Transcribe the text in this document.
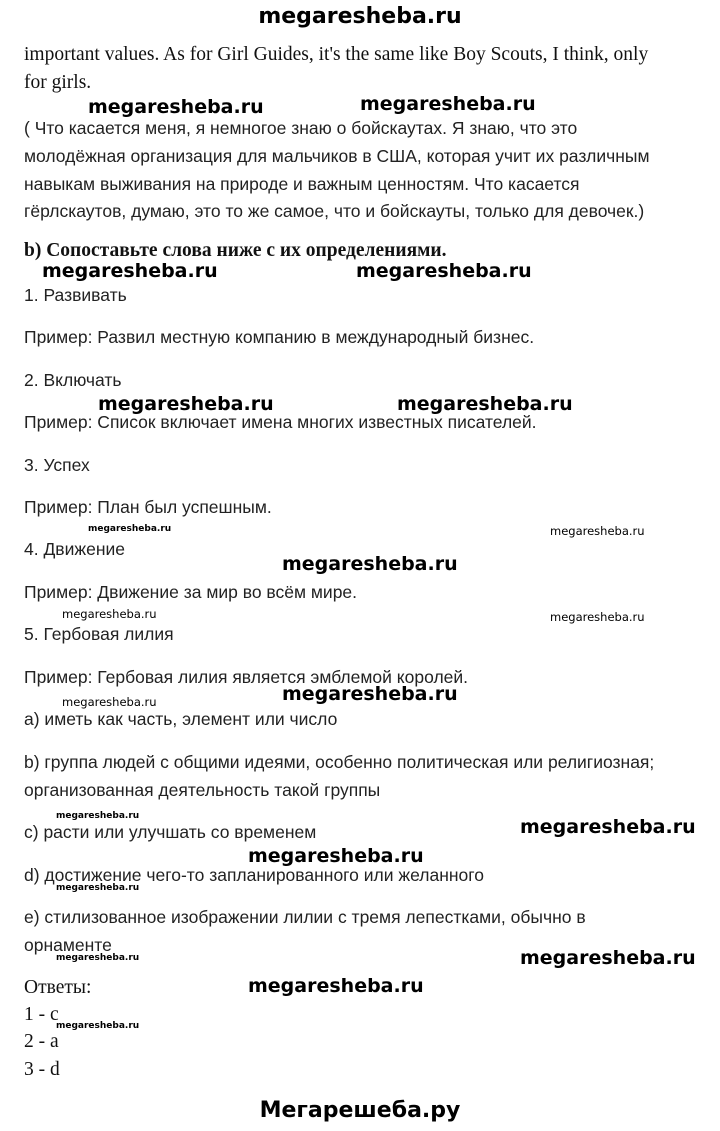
megaresheba.ru
important values. As for Girl Guides, it's the same like Boy Scouts, I think, only
for girls.
( Что касается меня, я немногое знаю о бойскаутах. Я знаю, что это
молодёжная организация для мальчиков в США, которая учит их различным
навыкам выживания на природе и важным ценностям. Что касается
гёрлскаутов, думаю, это то же самое, что и бойскауты, только для девочек.)
b) Сопоставьте слова ниже с их определениями.
1. Развивать
Пример: Развил местную компанию в международный бизнес.
2. Включать
Пример: Список включает имена многих известных писателей.
3. Успех
Пример: План был успешным.
4. Движение
Пример: Движение за мир во всём мире.
5. Гербовая лилия
Пример: Гербовая лилия является эмблемой королей.
а) иметь как часть, элемент или число
b) группа людей с общими идеями, особенно политическая или религиозная;
организованная деятельность такой группы
c) расти или улучшать со временем
d) достижение чего-то запланированного или желанного
е) стилизованное изображении лилии с тремя лепестками, обычно в
орнаменте
Ответы:
1 - c
2 - a
3 - d
megaresheba.ru	megaresheba.ru
megaresheba.ru	megaresheba.ru
megaresheba.ru	megaresheba.ru
megaresheba.ru	megaresheba.ru
megaresheba.ru
megaresheba.ru	megaresheba.ru
megaresheba.ru	megaresheba.ru
megaresheba.ru	megaresheba.ru
megaresheba.ru
megaresheba.ru
megaresheba.ru	megaresheba.ru
megaresheba.ru
megaresheba.ru
Мегарешеба.ру
